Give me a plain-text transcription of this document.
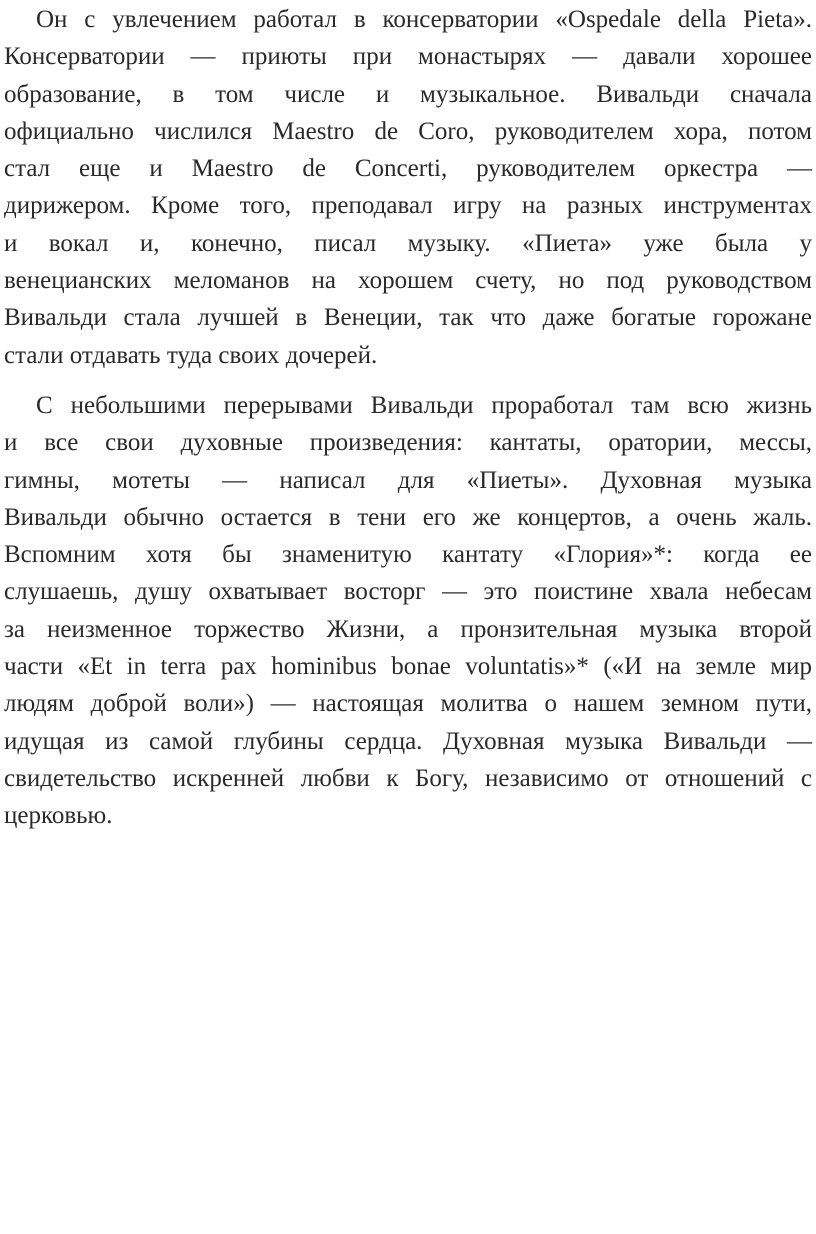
Он с увлечением работал в консерватории «Ospedale della Pieta».
Консерватории — приюты при монастырях — давали хорошее
образование, в том числе и музыкальное. Вивальди сначала
официально числился Maestro de Coro, руководителем хора, потом
стал еще и Maestro de Concerti, руководителем оркестра —
дирижером. Кроме того, преподавал игру на разных инструментах
и вокал и, конечно, писал музыку. «Пиета» уже была у
венецианских меломанов на хорошем счету, но под руководством
Вивальди стала лучшей в Венеции, так что даже богатые горожане
стали отдавать туда своих дочерей.
С небольшими перерывами Вивальди проработал там всю жизнь
и все свои духовные произведения: кантаты, оратории, мессы,
гимны, мотеты — написал для «Пиеты». Духовная музыка
Вивальди обычно остается в тени его же концертов, а очень жаль.
Вспомним хотя бы знаменитую кантату «Глория»*: когда ее
слушаешь, душу охватывает восторг — это поистине хвала небесам
за неизменное торжество Жизни, а пронзительная музыка второй
части «Et in terra pax hominibus bonae voluntatis»* («И на земле мир
людям доброй воли») — настоящая молитва о нашем земном пути,
идущая из самой глубины сердца. Духовная музыка Вивальди —
свидетельство искренней любви к Богу, независимо от отношений с
церковью.
